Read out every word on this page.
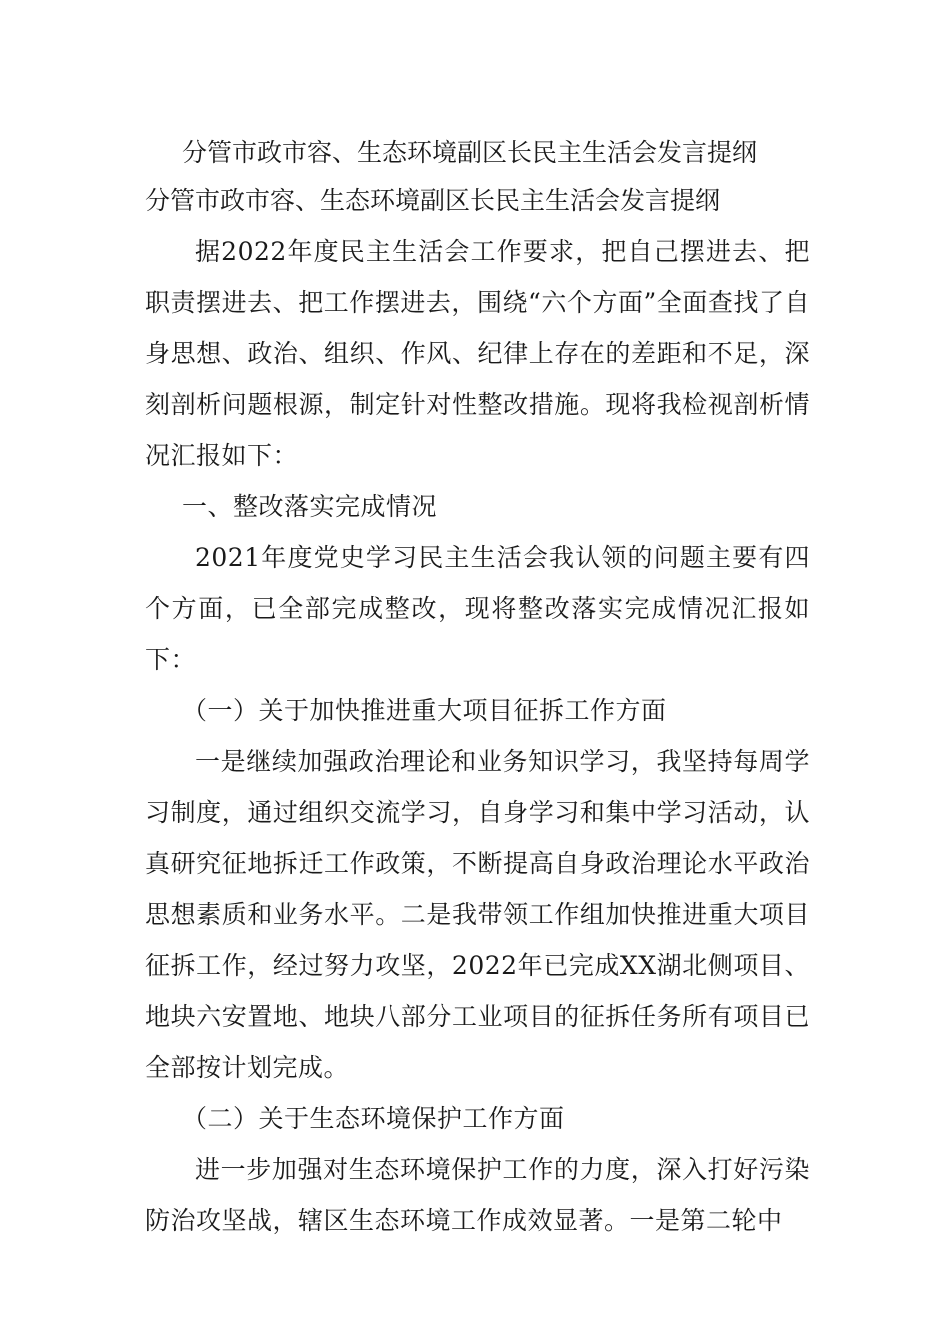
分管市政市容、生态环境副区长民主生活会发言提纲
分管市政市容、生态环境副区长民主生活会发言提纲

据2022年度民主生活会工作要求，把自己摆进去、把职责摆进去、把工作摆进去，围绕“六个方面”全面查找了自身思想、政治、组织、作风、纪律上存在的差距和不足，深刻剖析问题根源，制定针对性整改措施。现将我检视剖析情况汇报如下：

一、整改落实完成情况

2021年度党史学习民主生活会我认领的问题主要有四个方面，已全部完成整改，现将整改落实完成情况汇报如下：

（一）关于加快推进重大项目征拆工作方面

一是继续加强政治理论和业务知识学习，我坚持每周学习制度，通过组织交流学习，自身学习和集中学习活动，认真研究征地拆迁工作政策，不断提高自身政治理论水平政治思想素质和业务水平。二是我带领工作组加快推进重大项目征拆工作，经过努力攻坚，2022年已完成XX湖北侧项目、地块六安置地、地块八部分工业项目的征拆任务所有项目已全部按计划完成。

（二）关于生态环境保护工作方面

进一步加强对生态环境保护工作的力度，深入打好污染防治攻坚战，辖区生态环境工作成效显著。一是第二轮中
